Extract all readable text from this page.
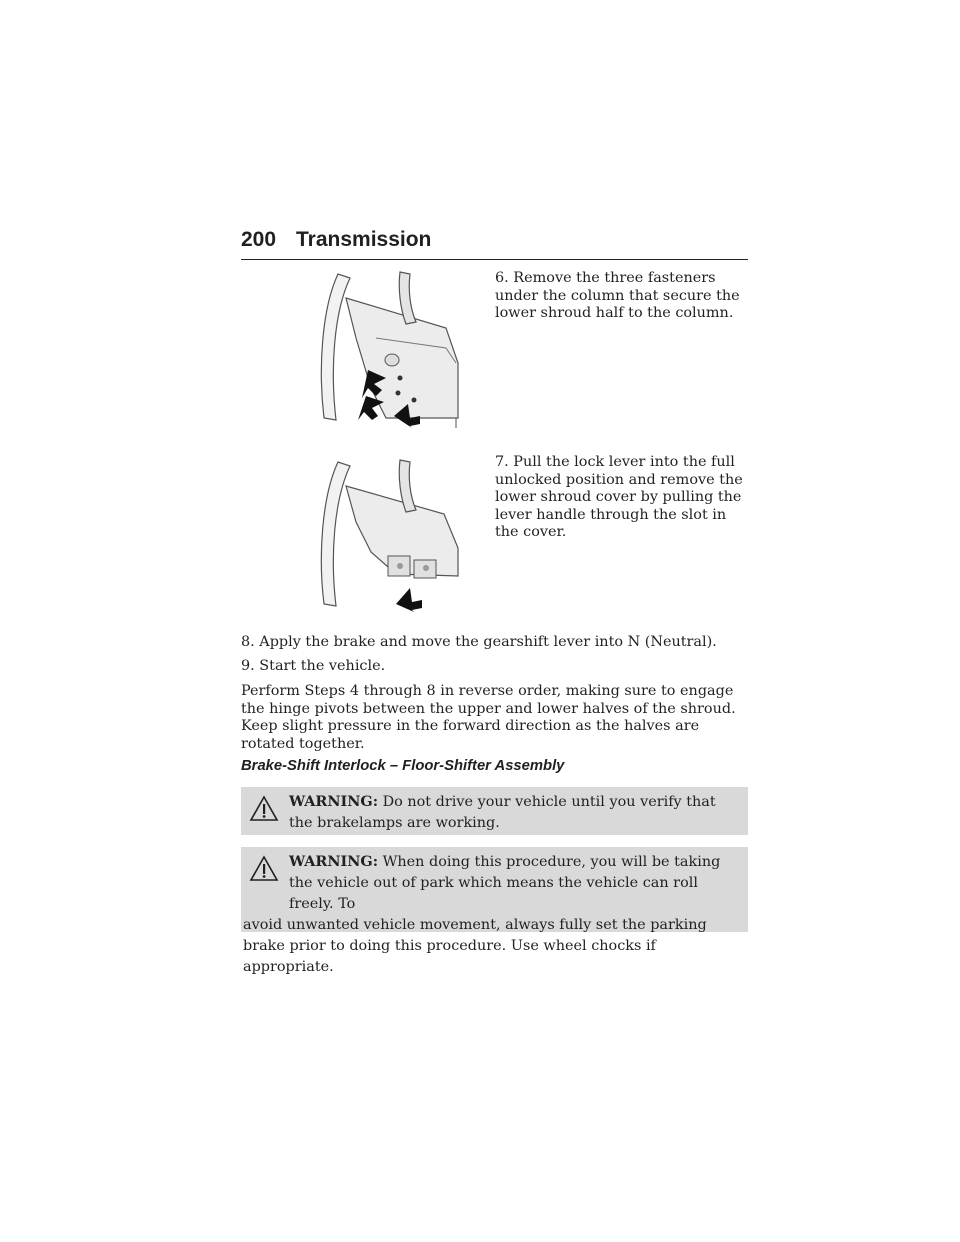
200 Transmission
6. Remove the three fasteners under the column that secure the lower shroud half to the column.
7. Pull the lock lever into the full unlocked position and remove the lower shroud cover by pulling the lever handle through the slot in the cover.
8. Apply the brake and move the gearshift lever into N (Neutral).
9. Start the vehicle.
Perform Steps 4 through 8 in reverse order, making sure to engage the hinge pivots between the upper and lower halves of the shroud. Keep slight pressure in the forward direction as the halves are rotated together.
Brake-Shift Interlock – Floor-Shifter Assembly
WARNING: Do not drive your vehicle until you verify that the brakelamps are working.
WARNING: When doing this procedure, you will be taking the vehicle out of park which means the vehicle can roll freely. To
avoid unwanted vehicle movement, always fully set the parking brake prior to doing this procedure. Use wheel chocks if appropriate.
